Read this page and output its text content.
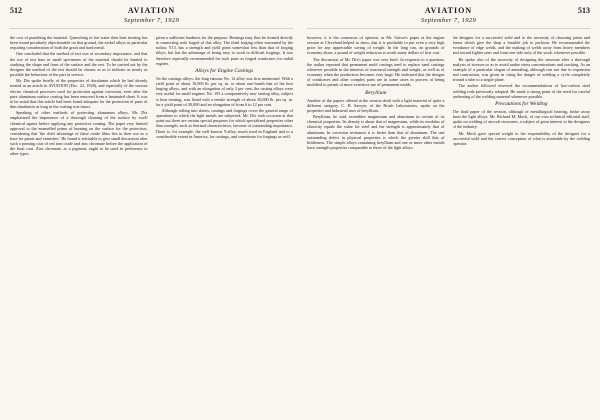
512	AVIATION
September 7, 1929

the cost of punishing the material. Quenching in hot water then heat treating has been found peculiarly objectionable on that ground, the nickel alloys in particular requiring consideration of both the grain and hard metal.

One concluded that the method of test was of secondary importance, and that the use of test bars or small specimens of the material should be limited to studying the shape and form of the surface and the rest. To be carried out by the designer the method of the test should be chosen so as to indicate as nearly as possible the behaviour of the part in service.

Mr. Dix spoke briefly of the properties of duralumin which he had already treated at an article in AVIATION (Dec. 22, 1928), and especially of the various electro chemical processes used for protection against corrosion, even after the pure aluminum surface coating has been removed from a laminated sheet. It was to be noted that this article had been found adequate for the protection of parts of thin duralumin as long as the coating was intact.

Speaking of other methods of protecting aluminum alloys, Mr. Dix emphasized the importance of a thorough cleaning of the surface by swell chemical agents before applying any protective coating. The paper very limited approval to the enamelled prime of burning on the surface for the protection, considering that 'the chief advantage of these oxide films lies in their use as a base for paints and varnishes.' He found it advisable to give small discussion after such a priming coat of red iron oxide and zinc chromate before the application of the final coat. Zinc chromate, as a pigment, ought to be used in preference to other types.

given a sufficient hardness for the purpose. Bearings may thus be formed directly in connecting rods forged of this alloy. The third forging often warranted by the author, Y13, has a strength and yield point somewhat less than that of forging alloys, but has the advantage of being easy to work in difficult forgings. It was therefore especially recommended for such parts as forged crankcases for radial engines.

Alloys for Engine Castings

On the castings alloys, the long famous No. 12 alloy was first mentioned. With a yield point of about 10,000 lb. per sq. in. or about one-fourth that of the best forging alloys, and with an elongation of only 2 per cent, the casting alloys were very useful for small engines. No. 195 a comparatively new casting alloy, subject to heat treating, was listed with a tensile strength of about 30,000 lb. per sq. in. for a yield point of 20,000 and an elongation of from 6 to 12 per cent.

Although rolling into sheets, castings and forgings cover the general range of operations to which the light metals are subjected, Mr. Dix took occasion at that point out there are certain special purposes for which specialized properties other than strength, such as thermal characteristics, become of outstanding importance. There is, for example, the well-known Y-alloy, much used in England and to a considerable extent in America, for castings, and sometimes for forgings as well.

AVIATION
September 7, 1929
513

however, it is the consensus of opinion, as Mr. Geisse's paper at the engine session at Cleveland helped to show, that it is profitable to put even a very high price for any appreciable saving of weight. In the long run, on grounds of economy alone, a pound of weight reduction is worth many dollars of first cost.

The discussion of Mr. Dix's paper was very brief. In response to a question, the author reported that permanent mold castings tend to replace sand castings wherever possible in the interests of structural strength and weight, as well as of economy when the production becomes very large. He indicated that the designs of crankcases and other complex parts are in some cases in process of being modified to permit of more extensive use of permanent molds.

Beryllium

Another of the papers offered at the session dealt with a light material of quite a different category. C. B. Sawyer, of the Brush Laboratories, spoke on the properties and industrial uses of beryllium.

Beryllium, he said, resembles magnesium and aluminum in certain of its chemical properties. Its density is about that of magnesium, while its modulus of elasticity equals the value for steel and the strength is approximately that of aluminum. In corrosion resistance it is better than that of aluminum. The one outstanding defect in physical properties is which the greater skill that of brittleness. The simple alloys containing beryllium and one or more other metals have strength properties comparable to those of the light alloys.

the designer for a successful weld and to the necessity of choosing joints and forms which give the shop a feasible job to perform. He recommended the avoidance of edge welds, and the making of welds away from heavy members and toward lighter ones and from one side only of the work, whenever possible.

He spoke also of the necessity of designing the structure after a thorough analysis of stresses so as to avoid undue stress concentrations and cracking. As an example of a particular slogan of annealing, although one not due to expansion and contraction, was given in citing the danger of welding a cycle completely around a tube to a single plane.

The author followed reserved the recommendations of low-carbon steel welding rods previously adopted. He made a strong point of the need for careful preheating of the welding material whenever possible.

Precautions for Welding

The final paper of the session, although of metallurgical bearing, broke away from the light alloys. Mr. Richard M. Mock, of our own technical editorial staff, spoke on welding of aircraft structures, a subject of great interest to the designers of the industry.

Mr. Mock gave special weight to the responsibility of the designer for a successful weld and the correct conception of what is attainable by the welding operator.
